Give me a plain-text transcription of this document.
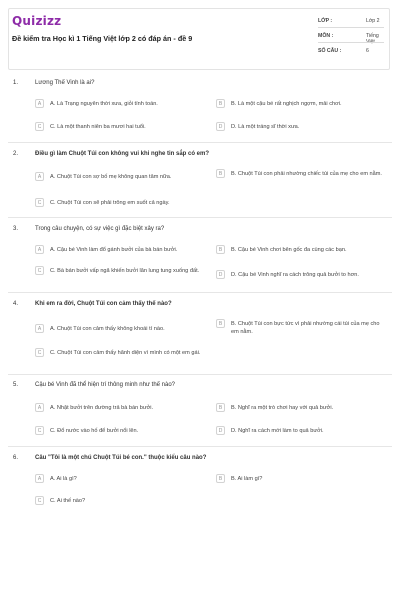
Quizizz
Đề kiểm tra Học kì 1 Tiếng Việt lớp 2 có đáp án - đề 9
LỚP :	Lớp 2
MÔN :	Tiếng
SỐ CÂU :	6
1.	Lương Thế Vinh là ai?
A	A. Là Trạng nguyên thời xưa, giỏi tính toán.	B	B. Là một cậu bé rất nghịch ngợm, mải chơi.
C	C. Là một thanh niên ba mươi hai tuổi.	D	D. Là một tráng sĩ thời xưa.
2.	Điều gì làm Chuột Túi con không vui khi nghe tin sắp có em?
A	A. Chuột Túi con sợ bố mẹ không quan tâm nữa.
B	B. Chuột Túi con phải nhường chiếc túi của mẹ cho em nằm.
C	C. Chuột Túi con sẽ phải trông em suốt cả ngày.
3.	Trong câu chuyện, có sự việc gì đặc biệt xảy ra?
A	A. Cậu bé Vinh làm đổ gánh bưởi của bà bán bưởi.	B	B. Cậu bé Vinh chơi bên gốc đa cùng các bạn.
C	C. Bà bán bưởi vấp ngã khiến bưởi lăn lung tung xuống đất.
D	D. Cậu bé Vinh nghĩ ra cách trông quả bưởi to hơn.
4.	Khi em ra đời, Chuột Túi con cảm thấy thế nào?
A	A. Chuột Túi con cảm thấy không khoái tí nào.
B	B. Chuột Túi con bực tức vì phải nhường cái túi của mẹ cho em nằm.
C	C. Chuột Túi con cảm thấy hãnh diện vì mình có một em gái.
5.	Cậu bé Vinh đã thể hiện trí thông minh như thế nào?
A	A. Nhặt bưởi trên đường trả bà bán bưởi.	B	B. Nghĩ ra một trò chơi hay với quả bưởi.
C	C. Đổ nước vào hố để bưởi nổi lên.	D	D. Nghĩ ra cách mới làm to quả bưởi.
6.	Câu "Tôi là một chú Chuột Túi bé con." thuộc kiểu câu nào?
A	A. Ai là gì?	B	B. Ai làm gì?
C	C. Ai thế nào?
